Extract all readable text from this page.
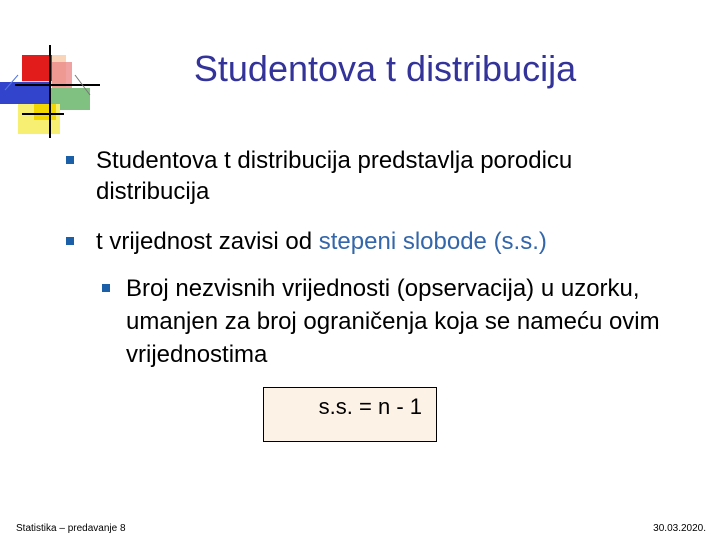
Studentova t distribucija
Studentova t distribucija predstavlja porodicu distribucija
t vrijednost zavisi od stepeni slobode (s.s.)
Broj nezvisnih vrijednosti (opservacija) u uzorku, umanjen za broj ograničenja koja se nameću ovim vrijednostima
s.s. = n - 1
Statistika – predavanje 8	30.03.2020.
